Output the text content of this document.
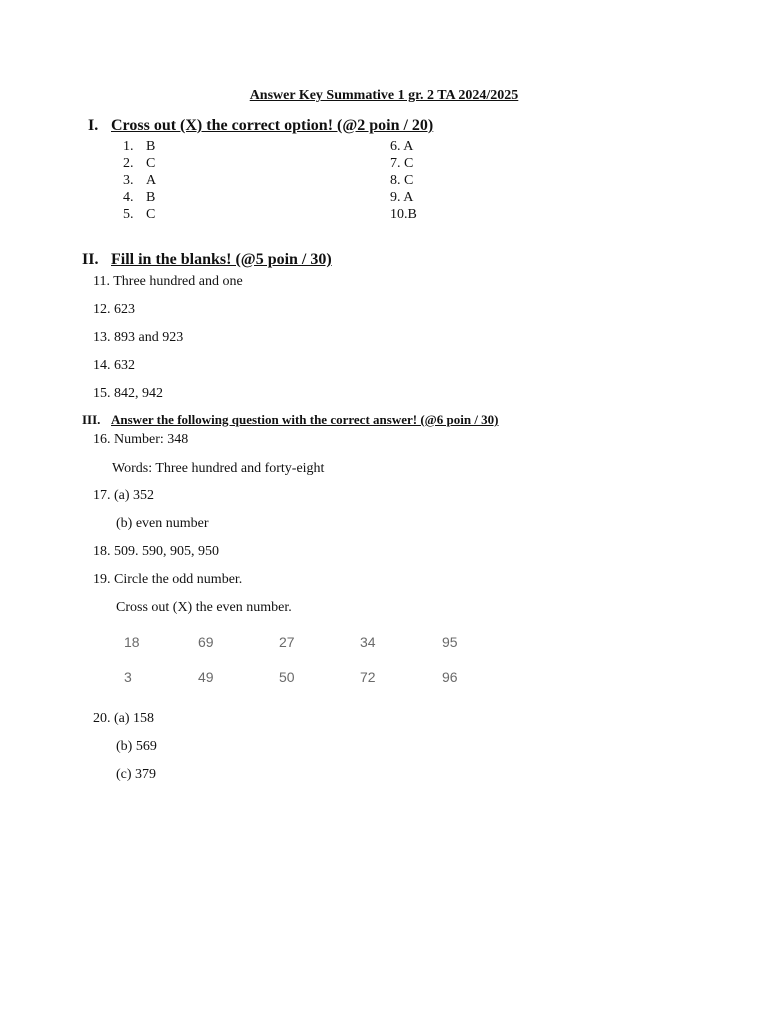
Answer Key Summative 1 gr. 2 TA 2024/2025
I. Cross out (X) the correct option! (@2 poin / 20)
1. B
2. C
3. A
4. B
5. C
6. A
7. C
8. C
9. A
10.B
II. Fill in the blanks! (@5 poin / 30)
11. Three hundred and one
12. 623
13. 893 and 923
14. 632
15. 842, 942
III. Answer the following question with the correct answer! (@6 poin / 30)
16. Number: 348
Words: Three hundred and forty-eight
17. (a) 352
(b) even number
18. 509. 590, 905, 950
19. Circle the odd number.
Cross out (X) the even number.
18	69	27	34	95
3	49	50	72	96
20. (a) 158
(b) 569
(c) 379
